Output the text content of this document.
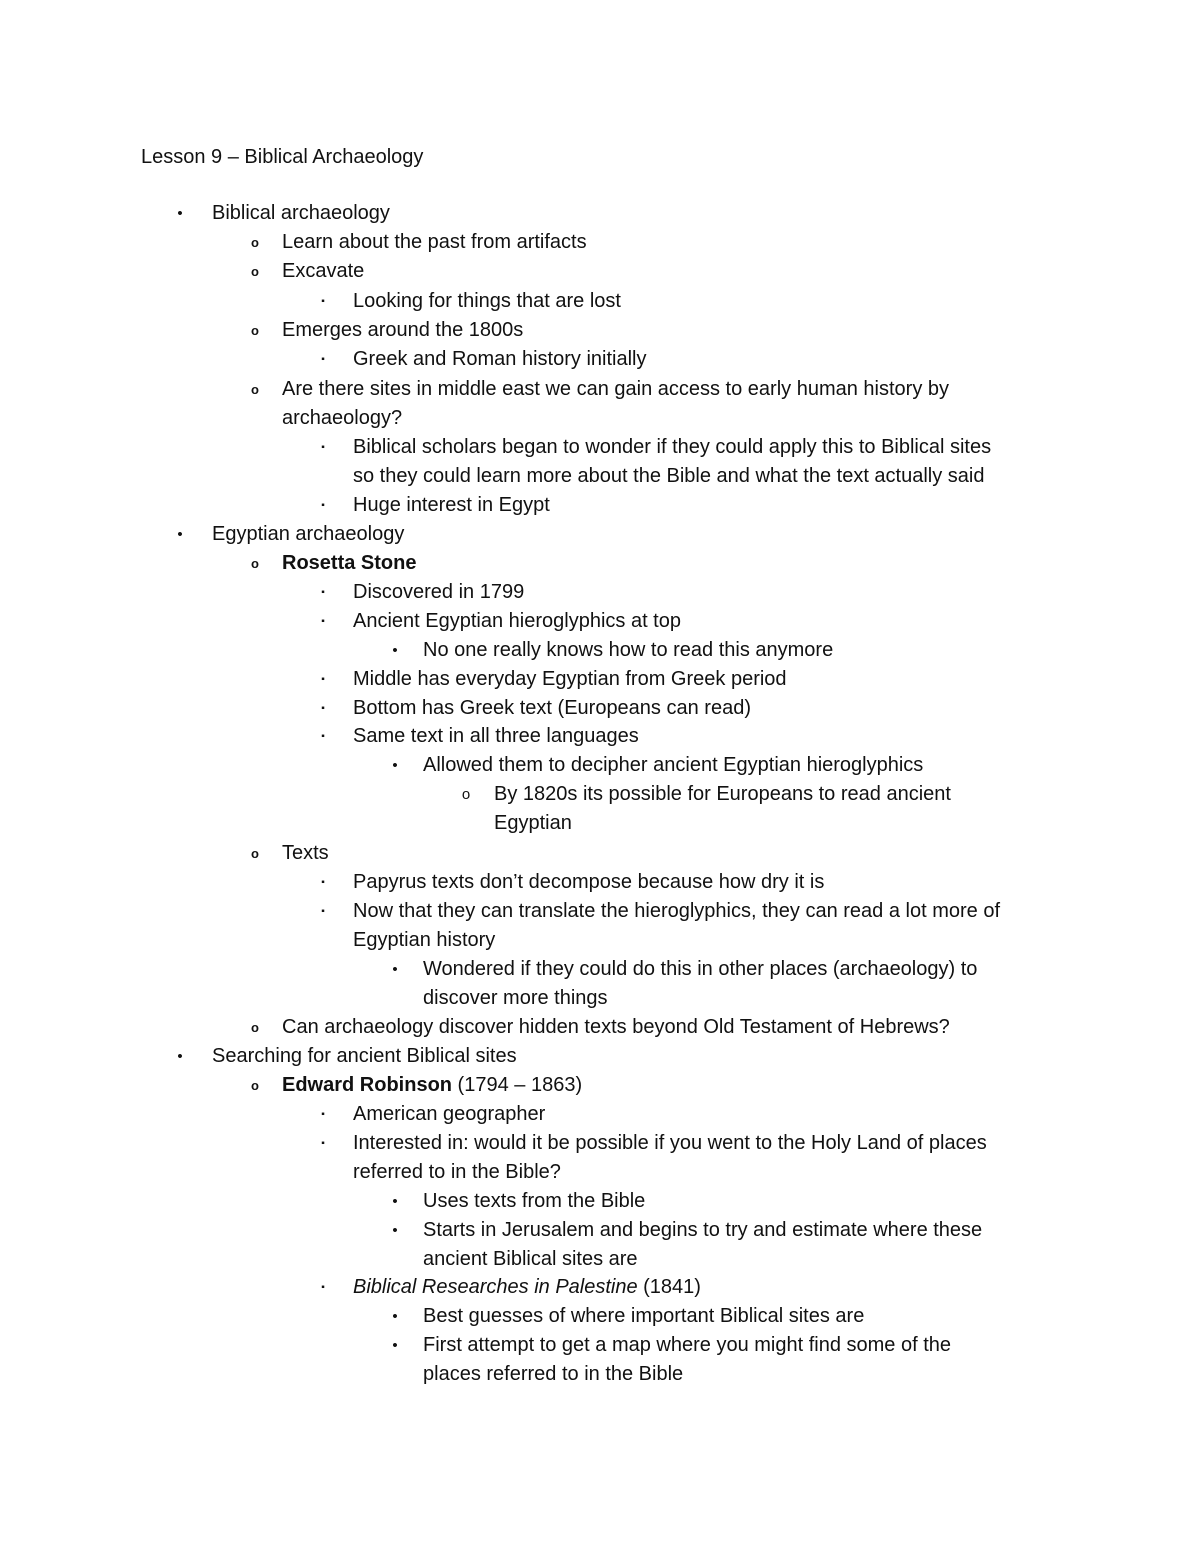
Lesson 9 – Biblical Archaeology
•	Biblical archaeology
o	Learn about the past from artifacts
o	Excavate
▪	Looking for things that are lost
o	Emerges around the 1800s
▪	Greek and Roman history initially
o	Are there sites in middle east we can gain access to early human history by
archaeology?
▪	Biblical scholars began to wonder if they could apply this to Biblical sites
so they could learn more about the Bible and what the text actually said
▪	Huge interest in Egypt
•	Egyptian archaeology
o	Rosetta Stone
▪	Discovered in 1799
▪	Ancient Egyptian hieroglyphics at top
•	No one really knows how to read this anymore
▪	Middle has everyday Egyptian from Greek period
▪	Bottom has Greek text (Europeans can read)
▪	Same text in all three languages
•	Allowed them to decipher ancient Egyptian hieroglyphics
o By 1820s its possible for Europeans to read ancient
Egyptian
o	Texts
▪	Papyrus texts don’t decompose because how dry it is
▪	Now that they can translate the hieroglyphics, they can read a lot more of
Egyptian history
•	Wondered if they could do this in other places (archaeology) to
discover more things
o	Can archaeology discover hidden texts beyond Old Testament of Hebrews?
•	Searching for ancient Biblical sites
o	Edward Robinson (1794 – 1863)
▪	American geographer
▪	Interested in: would it be possible if you went to the Holy Land of places
referred to in the Bible?
•	Uses texts from the Bible
•	Starts in Jerusalem and begins to try and estimate where these
ancient Biblical sites are
▪	Biblical Researches in Palestine (1841)
•	Best guesses of where important Biblical sites are
•	First attempt to get a map where you might find some of the
places referred to in the Bible
